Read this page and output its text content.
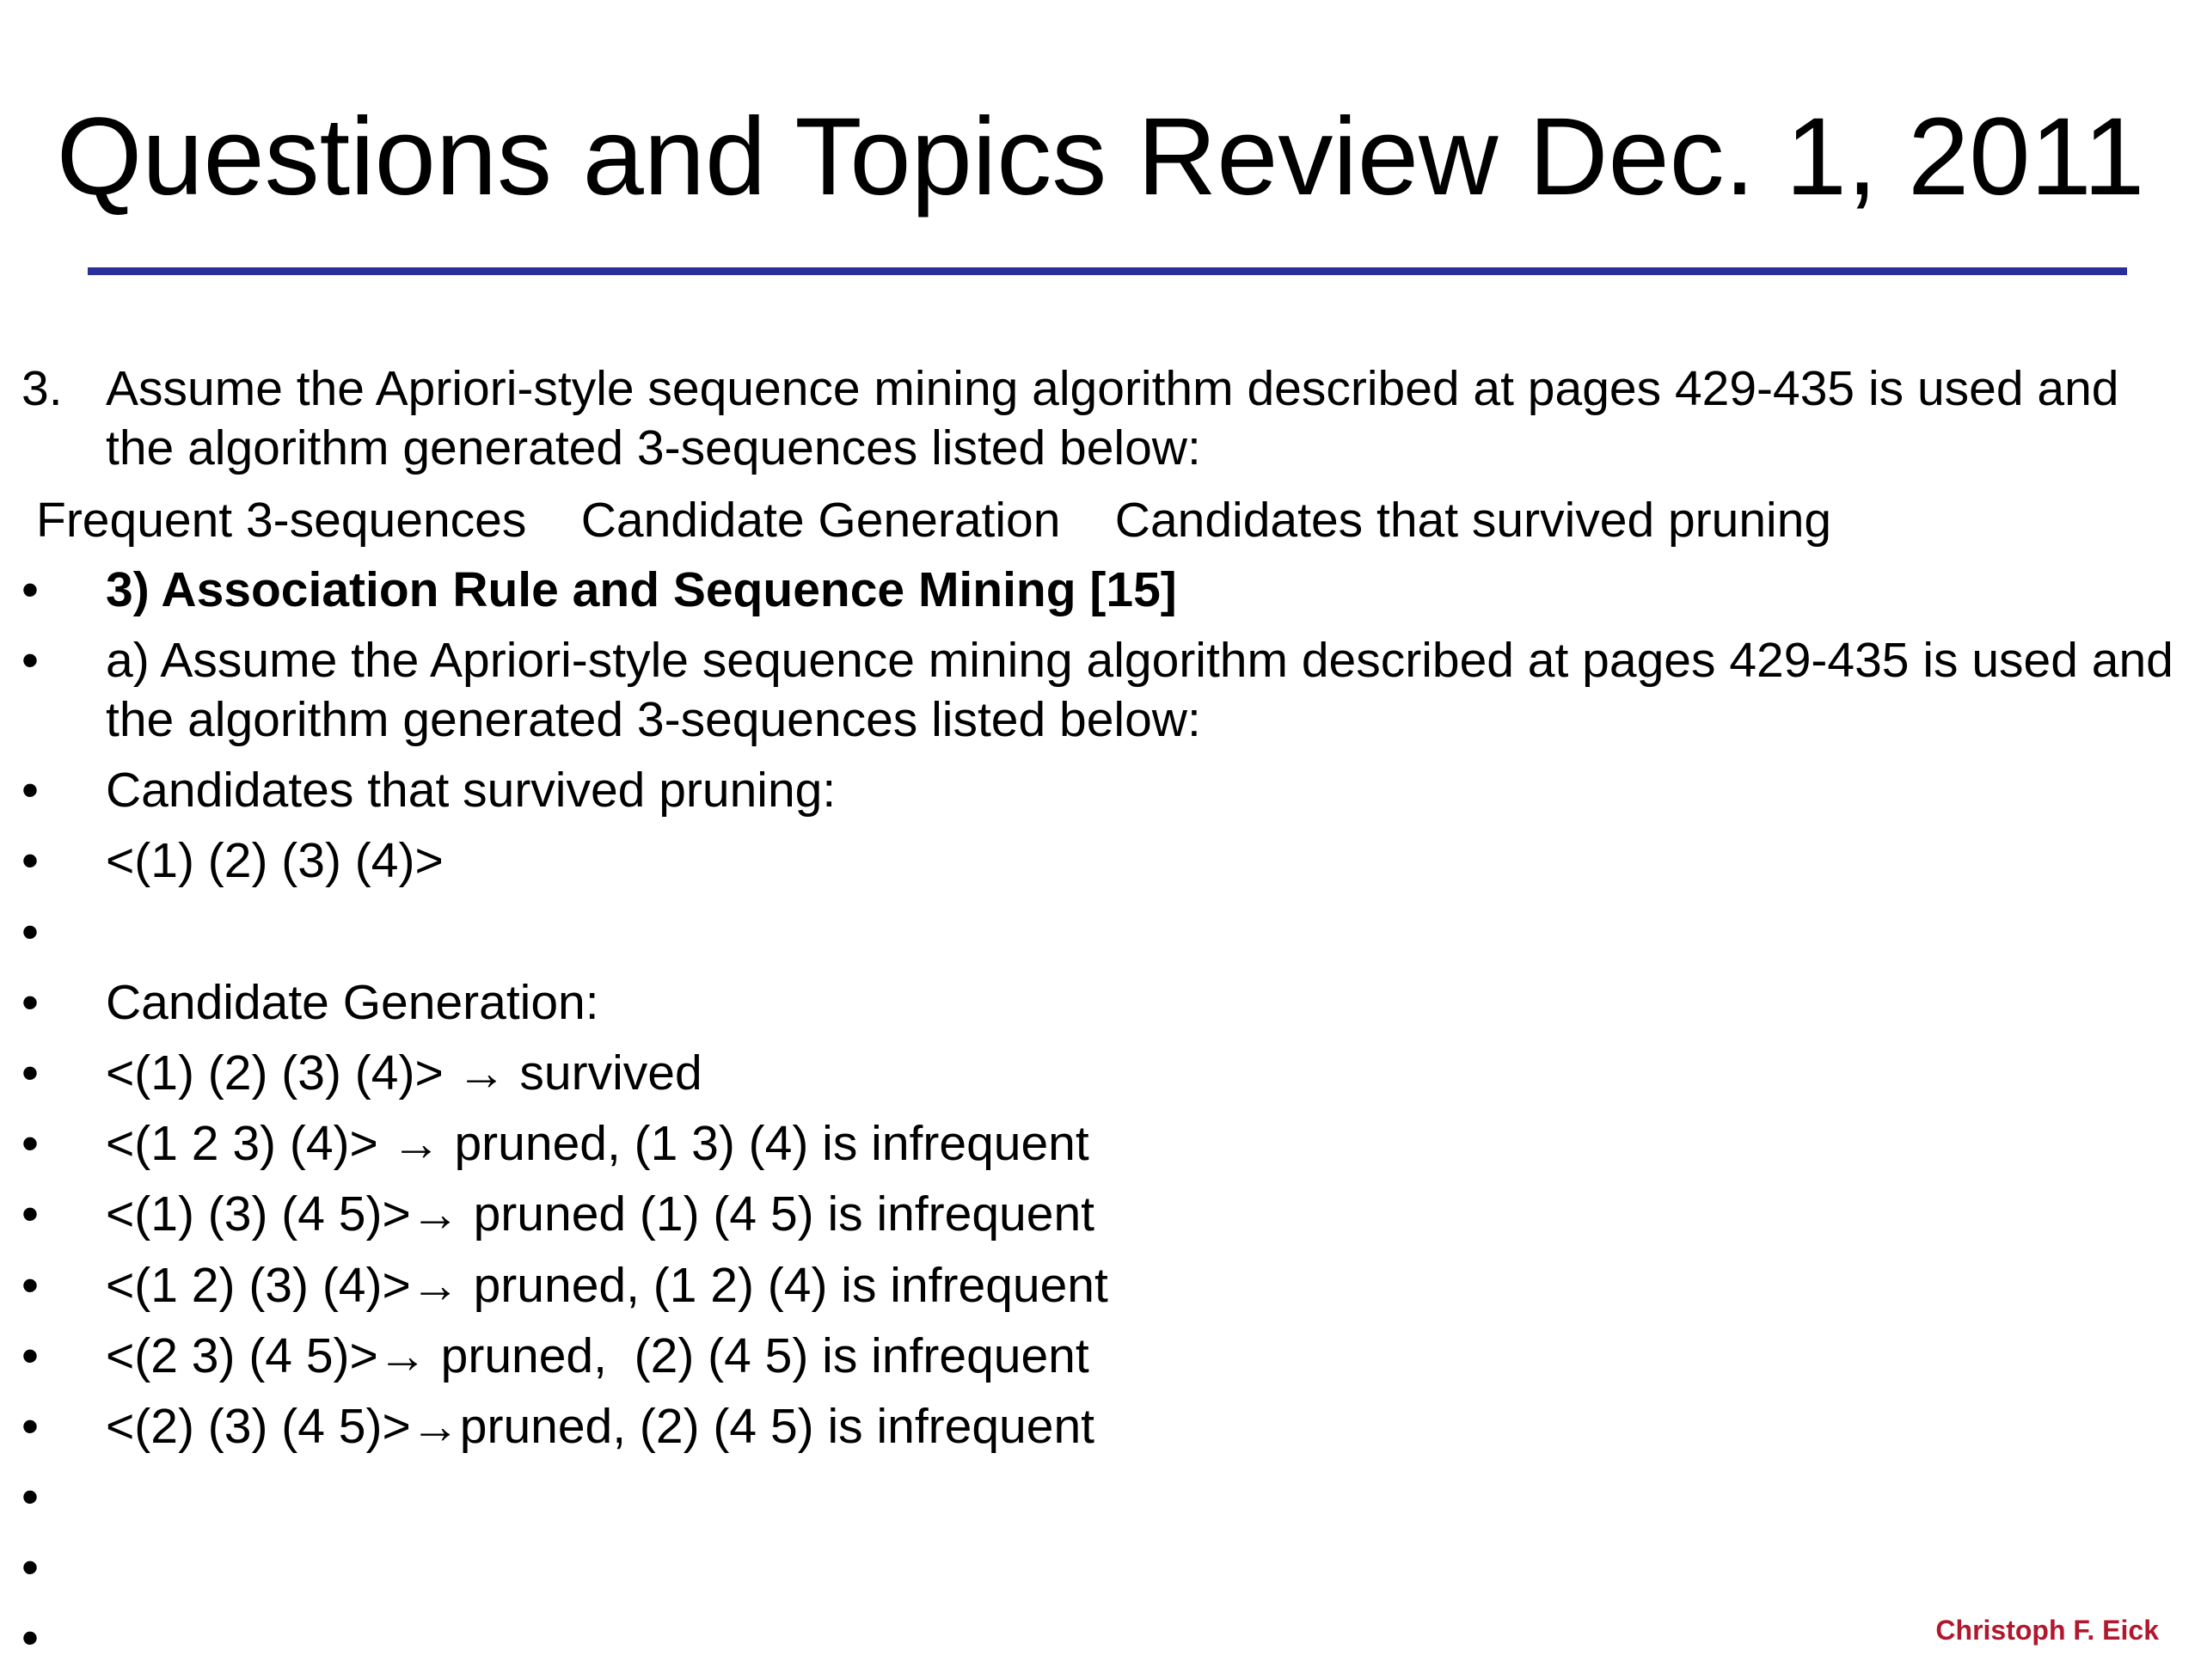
Questions and Topics Review Dec. 1, 2011
3. Assume the Apriori-style sequence mining algorithm described at pages 429-435 is used and
the algorithm generated 3-sequences listed below:
Frequent 3-sequences    Candidate Generation    Candidates that survived pruning
•	3) Association Rule and Sequence Mining [15]
•	a) Assume the Apriori-style sequence mining algorithm described at pages 429-435 is used and
the algorithm generated 3-sequences listed below:
•	Candidates that survived pruning:
•	<(1) (2) (3) (4)>
•
•	Candidate Generation:
•	<(1) (2) (3) (4)> → survived
•	<(1 2 3) (4)> → pruned, (1 3) (4) is infrequent
•	<(1) (3) (4 5)>→ pruned (1) (4 5) is infrequent
•	<(1 2) (3) (4)>→ pruned, (1 2) (4) is infrequent
•	<(2 3) (4 5)>→ pruned,  (2) (4 5) is infrequent
•	<(2) (3) (4 5)>→pruned, (2) (4 5) is infrequent
•
•
•	Christoph F. Eick
